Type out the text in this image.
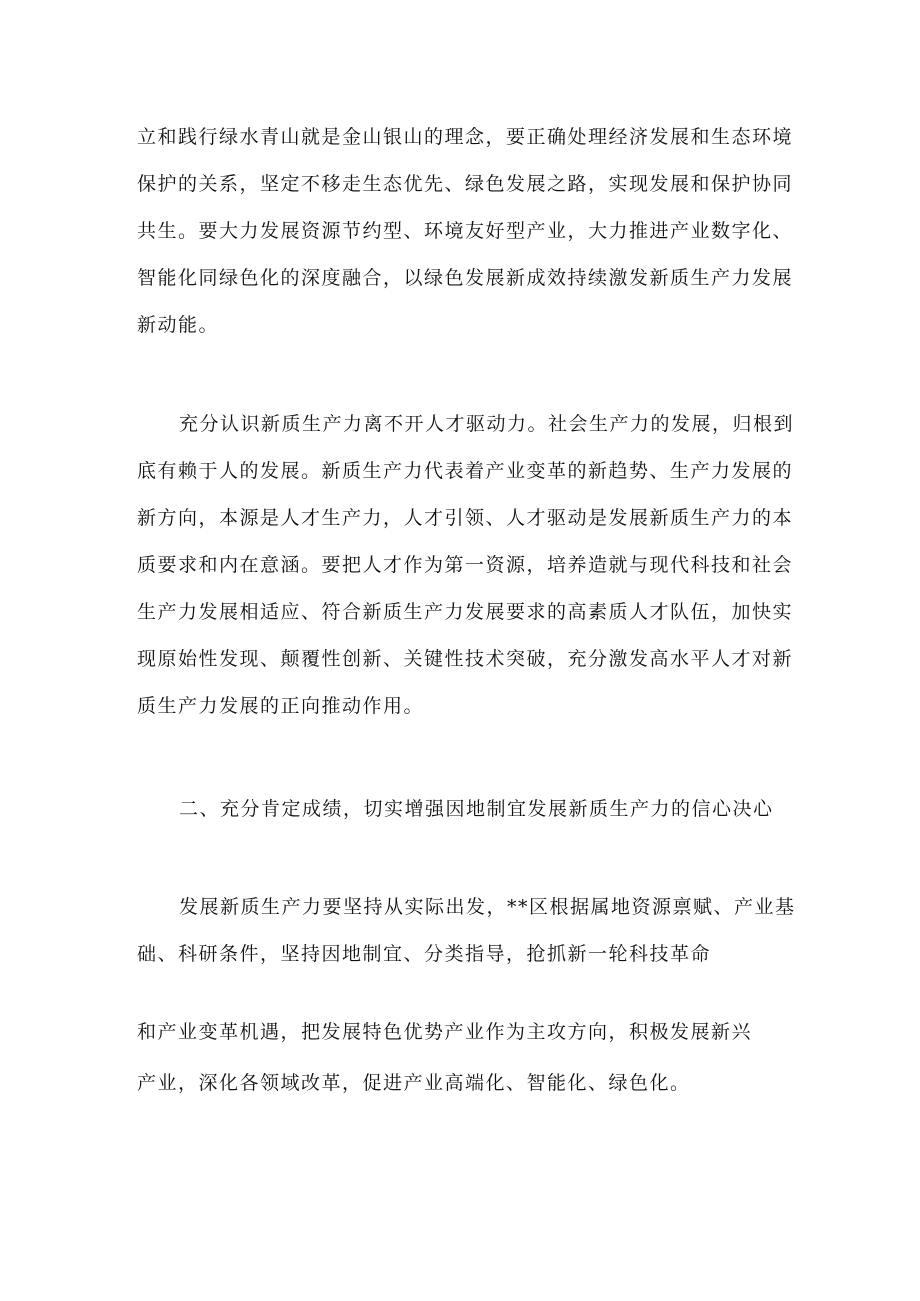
立和践行绿水青山就是金山银山的理念，要正确处理经济发展和生态环境
保护的关系，坚定不移走生态优先、绿色发展之路，实现发展和保护协同
共生。要大力发展资源节约型、环境友好型产业，大力推进产业数字化、
智能化同绿色化的深度融合，以绿色发展新成效持续激发新质生产力发展
新动能。
充分认识新质生产力离不开人才驱动力。社会生产力的发展，归根到
底有赖于人的发展。新质生产力代表着产业变革的新趋势、生产力发展的
新方向，本源是人才生产力，人才引领、人才驱动是发展新质生产力的本
质要求和内在意涵。要把人才作为第一资源，培养造就与现代科技和社会
生产力发展相适应、符合新质生产力发展要求的高素质人才队伍，加快实
现原始性发现、颠覆性创新、关键性技术突破，充分激发高水平人才对新
质生产力发展的正向推动作用。
二、充分肯定成绩，切实增强因地制宜发展新质生产力的信心决心
发展新质生产力要坚持从实际出发，**区根据属地资源禀赋、产业基
础、科研条件，坚持因地制宜、分类指导，抢抓新一轮科技革命
和产业变革机遇，把发展特色优势产业作为主攻方向，积极发展新兴
产业，深化各领域改革，促进产业高端化、智能化、绿色化。
